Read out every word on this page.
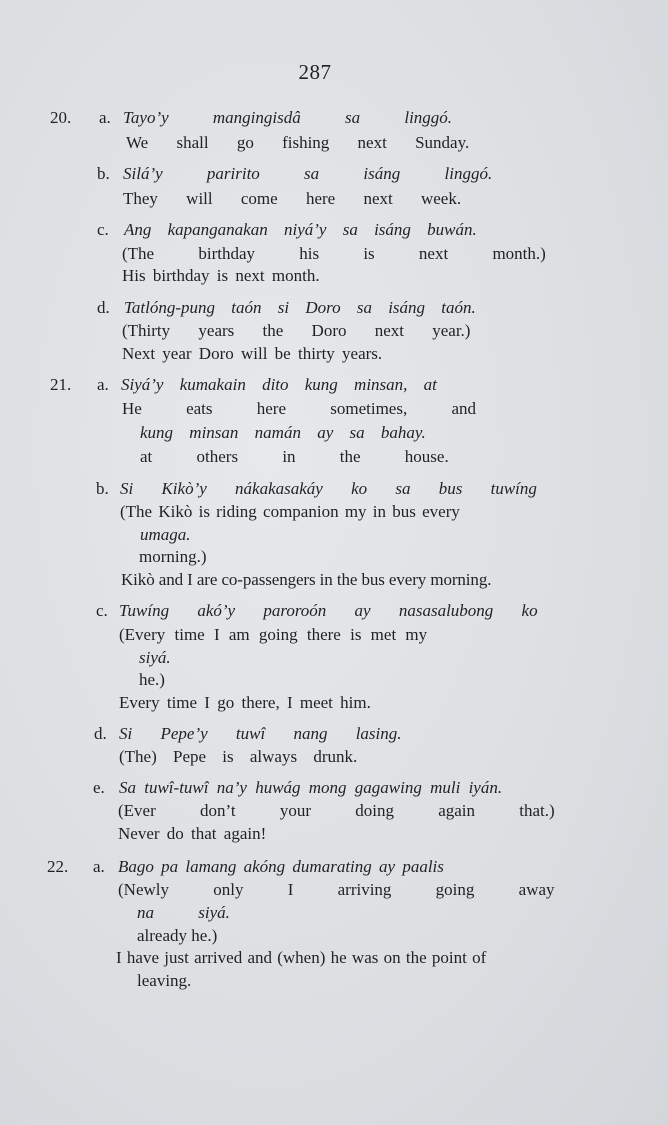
287
20. a. Tayo’y mangingisdâ sa linggó.
We shall go fishing next Sunday.
b. Silá’y paririto sa isáng linggó.
They will come here next week.
c. Ang kapanganakan niyá’y sa isáng buwán.
(The birthday his is next month.)
His birthday is next month.
d. Tatlóng-pung taón si Doro sa isáng taón.
(Thirty years the Doro next year.)
Next year Doro will be thirty years.
21. a. Siyá’y kumakain dito kung minsan, at
He eats here sometimes, and
kung minsan namán ay sa bahay.
at others in the house.
b. Si Kikò’y nákakasakáy ko sa bus tuwíng
(The Kikò is riding companion my in bus every
umaga.
morning.)
Kikò and I are co-passengers in the bus every morning.
c. Tuwíng akó’y paroroón ay nasasalubong ko
(Every time I am going there is met my
siyá.
he.)
Every time I go there, I meet him.
d. Si Pepe’y tuwî nang lasing.
(The) Pepe is always drunk.
e. Sa tuwî-tuwî na’y huwág mong gagawing muli iyán.
(Ever don’t your doing again that.)
Never do that again!
22. a. Bago pa lamang akóng dumarating ay paalis
(Newly only I arriving going away
na siyá.
already he.)
I have just arrived and (when) he was on the point of
leaving.
